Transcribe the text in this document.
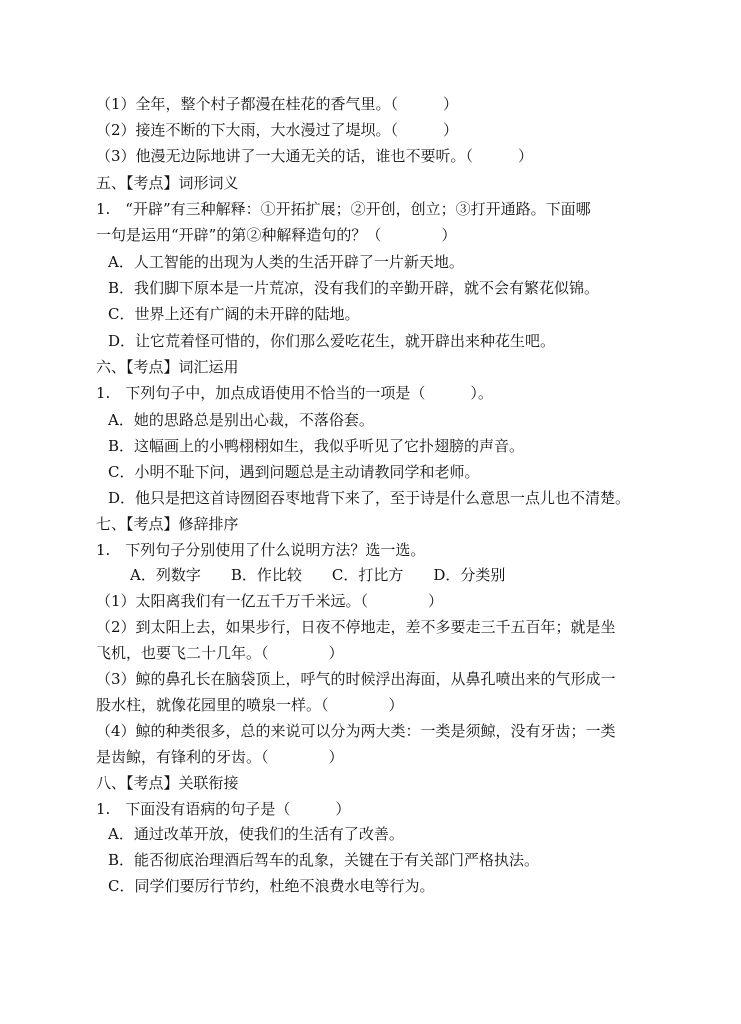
（1）全年，整个村子都漫在桂花的香气里。（　　　）
（2）接连不断的下大雨，大水漫过了堤坝。（　　　）
（3）他漫无边际地讲了一大通无关的话，谁也不要听。（　　　）
五、【考点】词形词义
1.　“开辟”有三种解释：①开拓扩展；②开创，创立；③打开通路。下面哪
一句是运用“开辟”的第②种解释造句的？（　　　　）
A．人工智能的出现为人类的生活开辟了一片新天地。
B．我们脚下原本是一片荒凉，没有我们的辛勤开辟，就不会有繁花似锦。
C．世界上还有广阔的未开辟的陆地。
D．让它荒着怪可惜的，你们那么爱吃花生，就开辟出来种花生吧。
六、【考点】词汇运用
1.　下列句子中，加点成语使用不恰当的一项是（　　　）。
A．她的思路总是别出心裁，不落俗套。
B．这幅画上的小鸭栩栩如生，我似乎听见了它扑翅膀的声音。
C．小明不耻下问，遇到问题总是主动请教同学和老师。
D．他只是把这首诗囫囵吞枣地背下来了，至于诗是什么意思一点儿也不清楚。
七、【考点】修辞排序
1.　下列句子分别使用了什么说明方法？选一选。
A．列数字 B．作比较 C．打比方 D．分类别
（1）太阳离我们有一亿五千万千米远。（　　　　）
（2）到太阳上去，如果步行，日夜不停地走，差不多要走三千五百年；就是坐
飞机，也要飞二十几年。（　　　　）
（3）鲸的鼻孔长在脑袋顶上，呼气的时候浮出海面，从鼻孔喷出来的气形成一
股水柱，就像花园里的喷泉一样。（　　　　）
（4）鲸的种类很多，总的来说可以分为两大类：一类是须鲸，没有牙齿；一类
是齿鲸，有锋利的牙齿。（　　　　）
八、【考点】关联衔接
1.　下面没有语病的句子是（　　　）
A．通过改革开放，使我们的生活有了改善。
B．能否彻底治理酒后驾车的乱象，关键在于有关部门严格执法。
C．同学们要厉行节约，杜绝不浪费水电等行为。
